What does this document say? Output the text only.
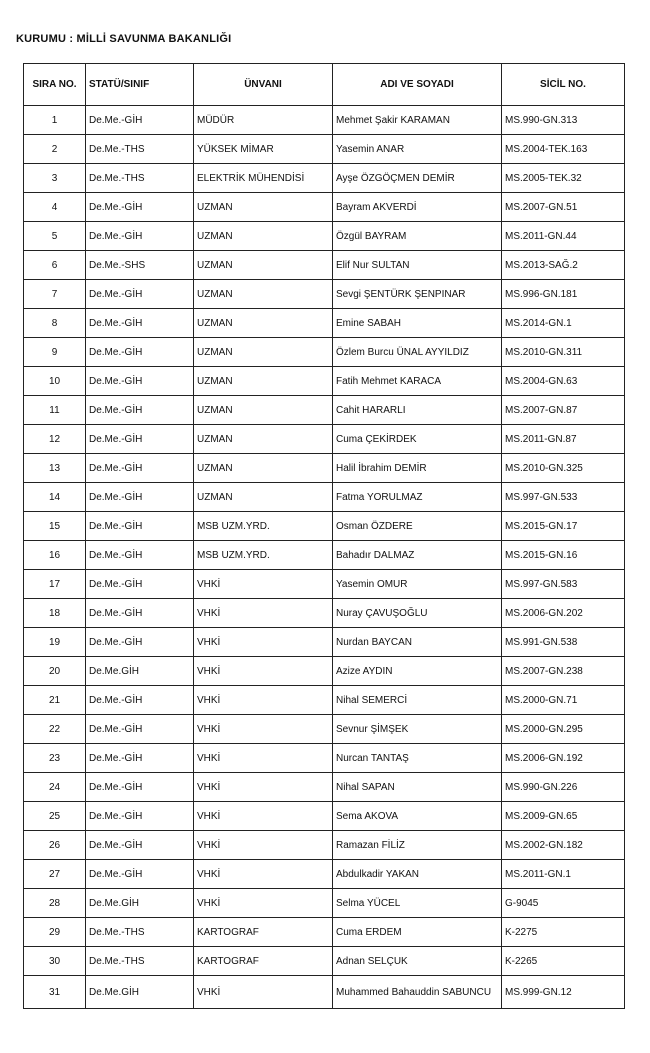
KURUMU : MİLLİ SAVUNMA BAKANLIĞI
SIRA NO.	STATÜ/SINIF	ÜNVANI	ADI VE SOYADI	SİCİL NO.
1	De.Me.-GİH	MÜDÜR	Mehmet Şakir KARAMAN	MS.990-GN.313
2	De.Me.-THS	YÜKSEK MİMAR	Yasemin ANAR	MS.2004-TEK.163
3	De.Me.-THS	ELEKTRİK MÜHENDİSİ	Ayşe ÖZGÖÇMEN DEMİR	MS.2005-TEK.32
4	De.Me.-GİH	UZMAN	Bayram AKVERDİ	MS.2007-GN.51
5	De.Me.-GİH	UZMAN	Özgül BAYRAM	MS.2011-GN.44
6	De.Me.-SHS	UZMAN	Elif Nur SULTAN	MS.2013-SAĞ.2
7	De.Me.-GİH	UZMAN	Sevgi ŞENTÜRK ŞENPINAR	MS.996-GN.181
8	De.Me.-GİH	UZMAN	Emine SABAH	MS.2014-GN.1
9	De.Me.-GİH	UZMAN	Özlem Burcu ÜNAL AYYILDIZ	MS.2010-GN.311
10	De.Me.-GİH	UZMAN	Fatih Mehmet KARACA	MS.2004-GN.63
11	De.Me.-GİH	UZMAN	Cahit HARARLI	MS.2007-GN.87
12	De.Me.-GİH	UZMAN	Cuma ÇEKİRDEK	MS.2011-GN.87
13	De.Me.-GİH	UZMAN	Halil İbrahim DEMİR	MS.2010-GN.325
14	De.Me.-GİH	UZMAN	Fatma YORULMAZ	MS.997-GN.533
15	De.Me.-GİH	MSB UZM.YRD.	Osman ÖZDERE	MS.2015-GN.17
16	De.Me.-GİH	MSB UZM.YRD.	Bahadır DALMAZ	MS.2015-GN.16
17	De.Me.-GİH	VHKİ	Yasemin OMUR	MS.997-GN.583
18	De.Me.-GİH	VHKİ	Nuray ÇAVUŞOĞLU	MS.2006-GN.202
19	De.Me.-GİH	VHKİ	Nurdan BAYCAN	MS.991-GN.538
20	De.Me.GİH	VHKİ	Azize AYDIN	MS.2007-GN.238
21	De.Me.-GİH	VHKİ	Nihal SEMERCİ	MS.2000-GN.71
22	De.Me.-GİH	VHKİ	Sevnur ŞİMŞEK	MS.2000-GN.295
23	De.Me.-GİH	VHKİ	Nurcan TANTAŞ	MS.2006-GN.192
24	De.Me.-GİH	VHKİ	Nihal SAPAN	MS.990-GN.226
25	De.Me.-GİH	VHKİ	Sema AKOVA	MS.2009-GN.65
26	De.Me.-GİH	VHKİ	Ramazan FİLİZ	MS.2002-GN.182
27	De.Me.-GİH	VHKİ	Abdulkadir YAKAN	MS.2011-GN.1
28	De.Me.GİH	VHKİ	Selma YÜCEL	G-9045
29	De.Me.-THS	KARTOGRAF	Cuma ERDEM	K-2275
30	De.Me.-THS	KARTOGRAF	Adnan SELÇUK	K-2265
31	De.Me.GİH	VHKİ	Muhammed Bahauddin SABUNCU	MS.999-GN.12
